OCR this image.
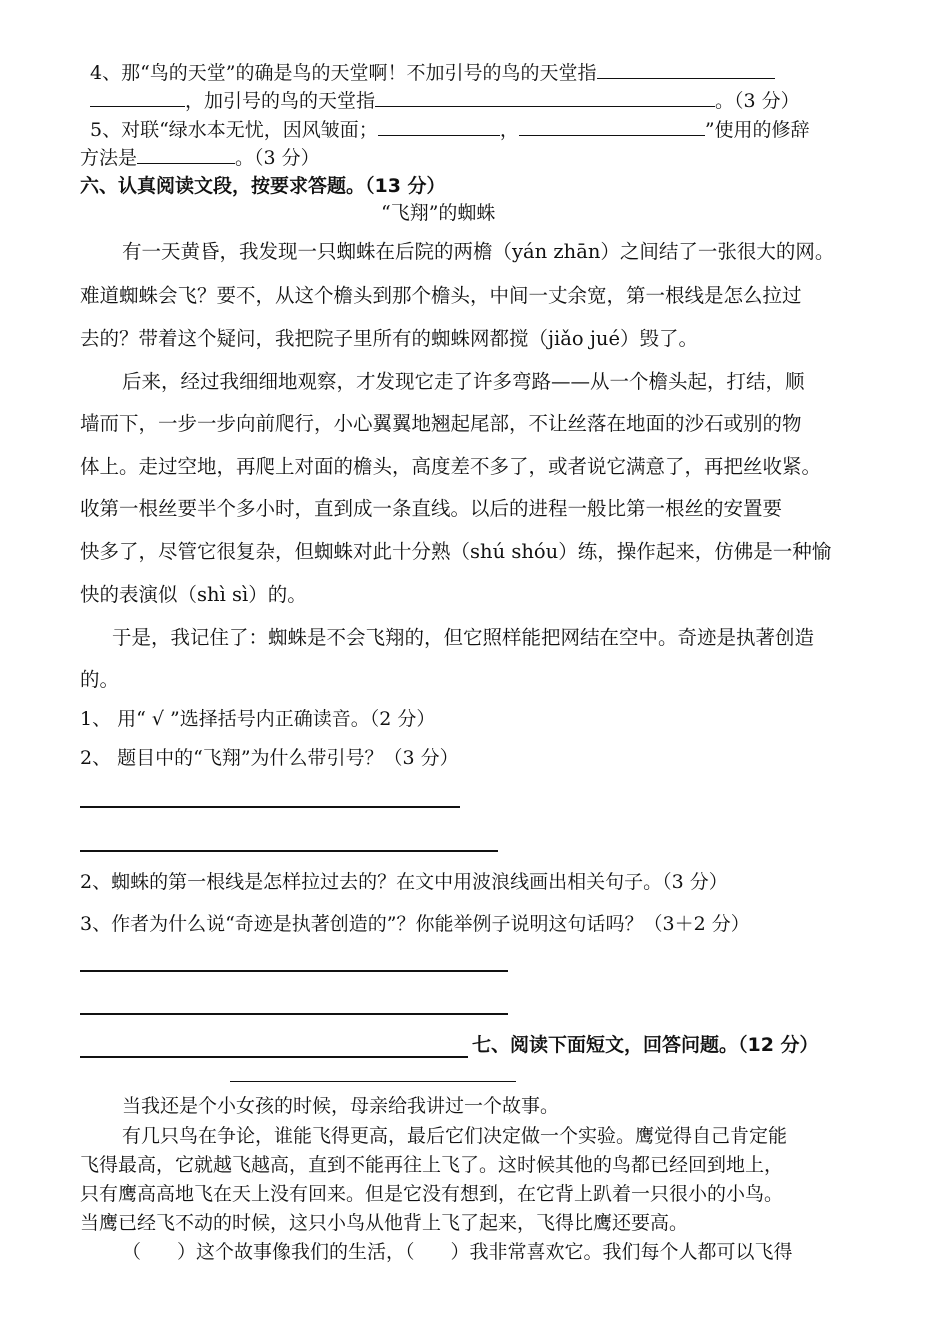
4、那“鸟的天堂”的确是鸟的天堂啊！不加引号的鸟的天堂指
，加引号的鸟的天堂指	。（3 分）
5、对联“绿水本无忧，因风皱面；	，	”使用的修辞
方法是	。（3 分）
六、认真阅读文段，按要求答题。（13 分）
“飞翔”的蜘蛛
有一天黄昏，我发现一只蜘蛛在后院的两檐（yán zhān）之间结了一张很大的网。
难道蜘蛛会飞？要不，从这个檐头到那个檐头，中间一丈余宽，第一根线是怎么拉过
去的？带着这个疑问，我把院子里所有的蜘蛛网都搅（jiǎo jué）毁了。
后来，经过我细细地观察，才发现它走了许多弯路——从一个檐头起，打结，顺
墙而下，一步一步向前爬行，小心翼翼地翘起尾部，不让丝落在地面的沙石或别的物
体上。走过空地，再爬上对面的檐头，高度差不多了，或者说它满意了，再把丝收紧。
收第一根丝要半个多小时，直到成一条直线。以后的进程一般比第一根丝的安置要
快多了，尽管它很复杂，但蜘蛛对此十分熟（shú shóu）练，操作起来，仿佛是一种愉
快的表演似（shì sì）的。
于是，我记住了：蜘蛛是不会飞翔的，但它照样能把网结在空中。奇迹是执著创造
的。
1、 用“ √ ”选择括号内正确读音。（2 分）
2、 题目中的“飞翔”为什么带引号？（3 分）
2、蜘蛛的第一根线是怎样拉过去的？在文中用波浪线画出相关句子。（3 分）
3、作者为什么说“奇迹是执著创造的”？你能举例子说明这句话吗？（3＋2 分）
七、阅读下面短文，回答问题。（12 分）
当我还是个小女孩的时候，母亲给我讲过一个故事。
有几只鸟在争论，谁能飞得更高，最后它们决定做一个实验。鹰觉得自己肯定能
飞得最高，它就越飞越高，直到不能再往上飞了。这时候其他的鸟都已经回到地上，
只有鹰高高地飞在天上没有回来。但是它没有想到，在它背上趴着一只很小的小鸟。
当鹰已经飞不动的时候，这只小鸟从他背上飞了起来，飞得比鹰还要高。
（ ）这个故事像我们的生活，（ ）我非常喜欢它。我们每个人都可以飞得
